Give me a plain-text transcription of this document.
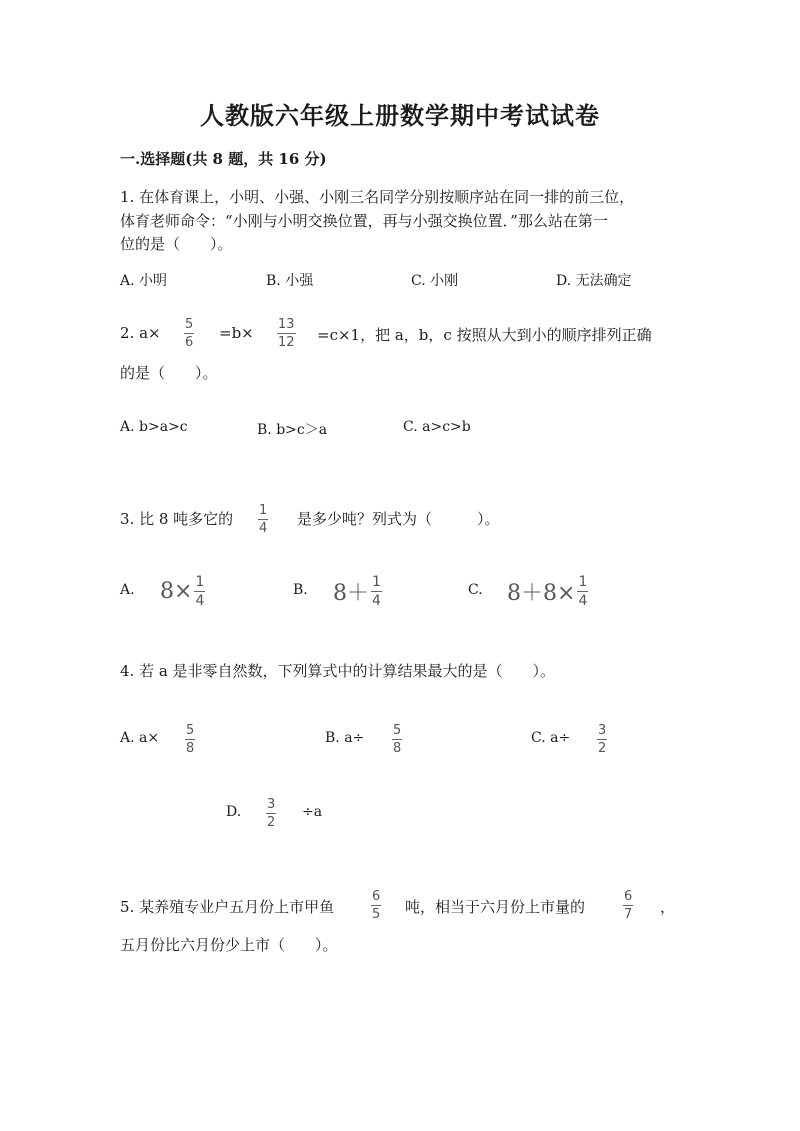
人教版六年级上册数学期中考试试卷
一.选择题(共 8 题，共 16 分)
1. 在体育课上，小明、小强、小刚三名同学分别按顺序站在同一排的前三位，
体育老师命令：“小刚与小明交换位置，再与小强交换位置．”那么站在第一
位的是（　　）。
A. 小明	B. 小强	C. 小刚	D. 无法确定
2. $a\times \frac{5}{6} =b\times \frac{13}{12} =c\times 1$，把 a，b，c 按照从大到小的顺序排列正确
的是（　　）。
A. b>a>c	B. b>c＞a	C. a>c>b
3. 比 8 吨多它的 $\frac{1}{4}$ 是多少吨？列式为（　　　）。
A. $8\times \frac{1}{4}$	B. $8+ \frac{1}{4}$	C. $8+8\times \frac{1}{4}$
4. 若 a 是非零自然数，下列算式中的计算结果最大的是（　　）。
A. $a\times \frac{5}{8}$	B. $a\div \frac{5}{8}$	C. $a\div \frac{3}{2}$
D. $\frac{3}{2} \div a$
5. 某养殖专业户五月份上市甲鱼	$\frac{6}{5}$ 吨，相当于六月份上市量的	$\frac{6}{7}$ ，
五月份比六月份少上市（　　）。
